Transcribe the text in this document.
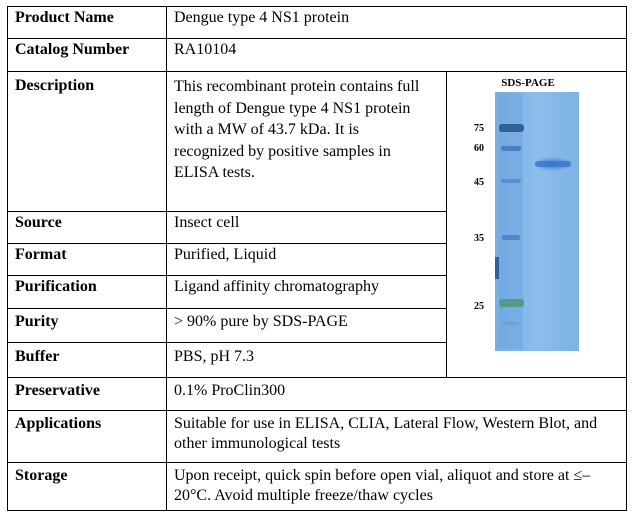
Product Name	Dengue type 4 NS1 protein
Catalog Number	RA10104
Description	This recombinant protein contains full length of Dengue type 4 NS1 protein with a MW of 43.7 kDa. It is recognized by positive samples in ELISA tests.
Source	Insect cell
Format	Purified, Liquid
Purification	Ligand affinity chromatography
Purity	> 90% pure by SDS-PAGE
Buffer	PBS, pH 7.3
Preservative	0.1% ProClin300
Applications	Suitable for use in ELISA, CLIA, Lateral Flow, Western Blot, and other immunological tests
Storage	Upon receipt, quick spin before open vial, aliquot and store at ≤–20°C. Avoid multiple freeze/thaw cycles
SDS-PAGE
75
60
45
35
25
